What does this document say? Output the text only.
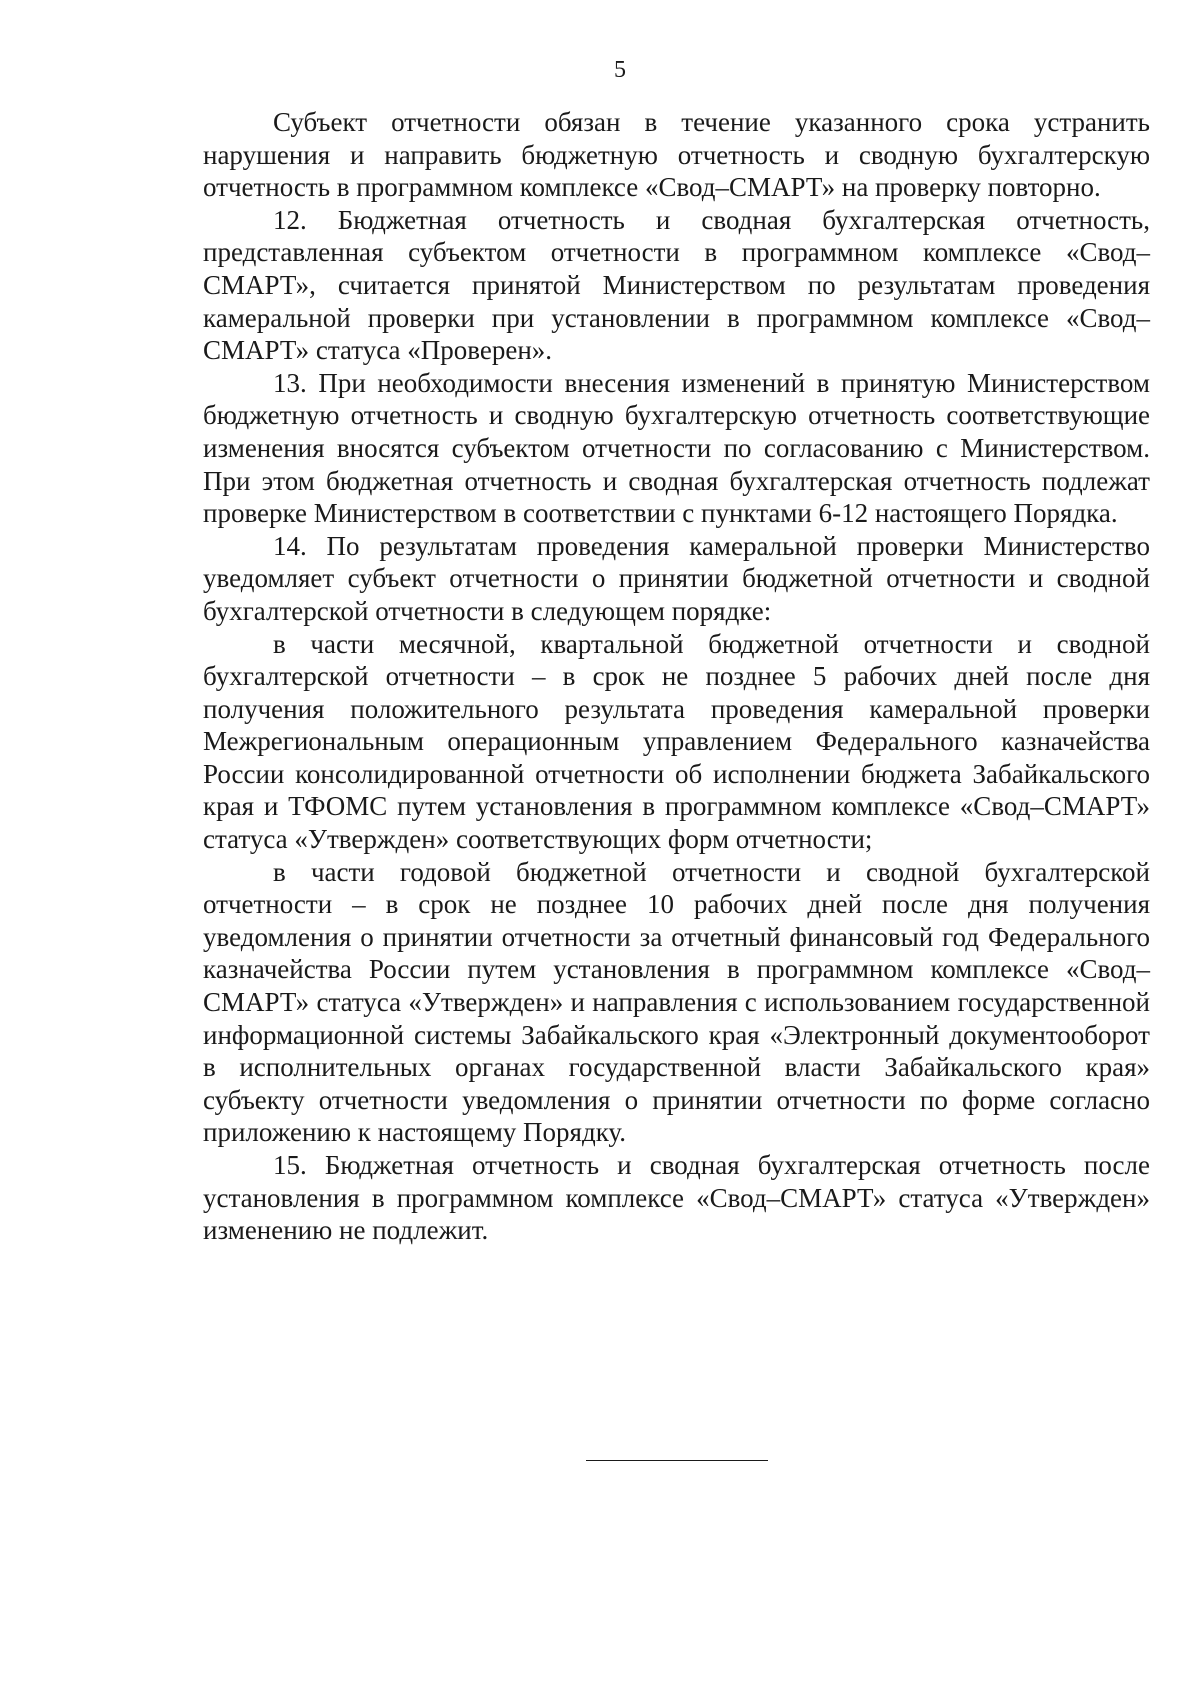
5

Субъект отчетности обязан в течение указанного срока устранить нарушения и направить бюджетную отчетность и сводную бухгалтерскую отчетность в программном комплексе «Свод–СМАРТ» на проверку повторно.

12. Бюджетная отчетность и сводная бухгалтерская отчетность, представленная субъектом отчетности в программном комплексе «Свод–СМАРТ», считается принятой Министерством по результатам проведения камеральной проверки при установлении в программном комплексе «Свод–СМАРТ» статуса «Проверен».

13. При необходимости внесения изменений в принятую Министерством бюджетную отчетность и сводную бухгалтерскую отчетность соответствующие изменения вносятся субъектом отчетности по согласованию с Министерством. При этом бюджетная отчетность и сводная бухгалтерская отчетность подлежат проверке Министерством в соответствии с пунктами 6-12 настоящего Порядка.

14. По результатам проведения камеральной проверки Министерство уведомляет субъект отчетности о принятии бюджетной отчетности и сводной бухгалтерской отчетности в следующем порядке:

в части месячной, квартальной бюджетной отчетности и сводной бухгалтерской отчетности – в срок не позднее 5 рабочих дней после дня получения положительного результата проведения камеральной проверки Межрегиональным операционным управлением Федерального казначейства России консолидированной отчетности об исполнении бюджета Забайкальского края и ТФОМС путем установления в программном комплексе «Свод–СМАРТ» статуса «Утвержден» соответствующих форм отчетности;

в части годовой бюджетной отчетности и сводной бухгалтерской отчетности – в срок не позднее 10 рабочих дней после дня получения уведомления о принятии отчетности за отчетный финансовый год Федерального казначейства России путем установления в программном комплексе «Свод–СМАРТ» статуса «Утвержден» и направления с использованием государственной информационной системы Забайкальского края «Электронный документооборот в исполнительных органах государственной власти Забайкальского края» субъекту отчетности уведомления о принятии отчетности по форме согласно приложению к настоящему Порядку.

15. Бюджетная отчетность и сводная бухгалтерская отчетность после установления в программном комплексе «Свод–СМАРТ» статуса «Утвержден» изменению не подлежит.
